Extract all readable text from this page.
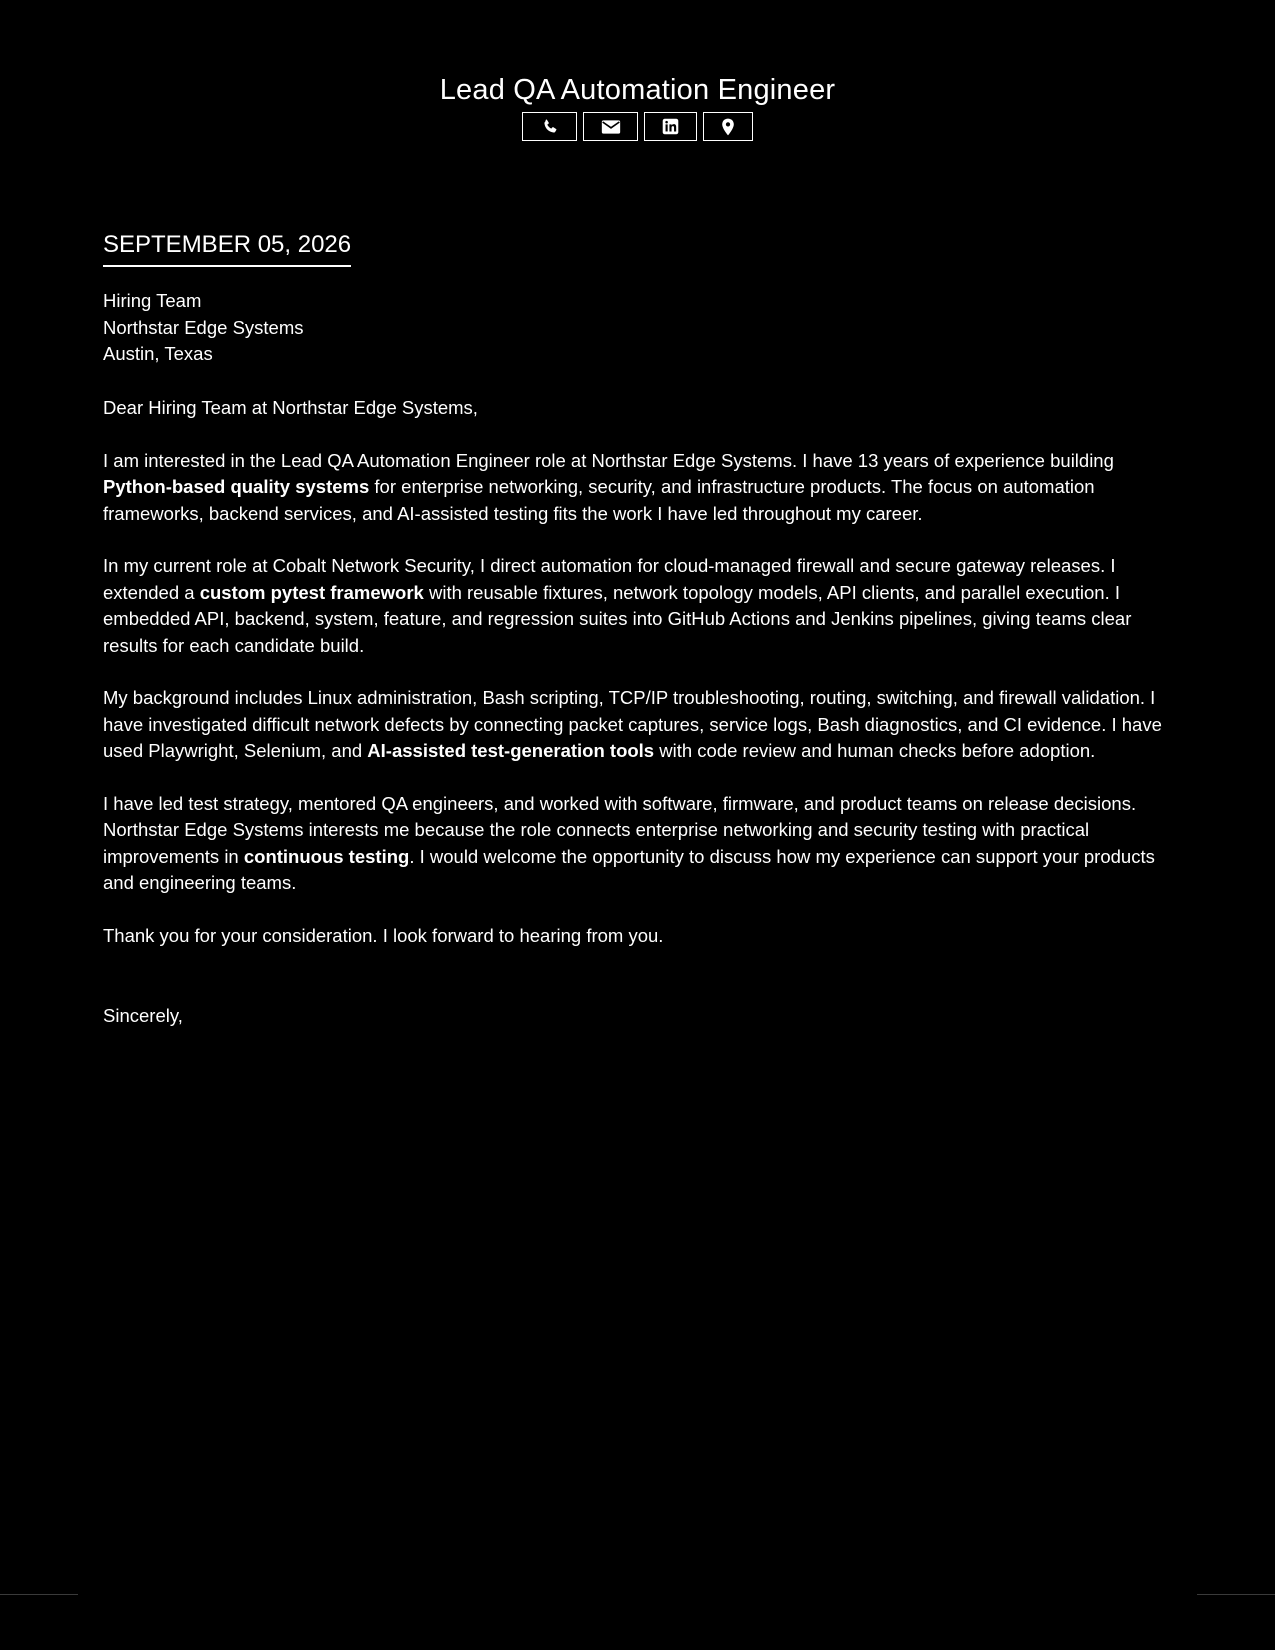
Lead QA Automation Engineer
SEPTEMBER 05, 2026
Hiring Team
Northstar Edge Systems
Austin, Texas

Dear Hiring Team at Northstar Edge Systems,

I am interested in the Lead QA Automation Engineer role at Northstar Edge Systems. I have 13 years of experience building Python-based quality systems for enterprise networking, security, and infrastructure products. The focus on automation frameworks, backend services, and AI-assisted testing fits the work I have led throughout my career.

In my current role at Cobalt Network Security, I direct automation for cloud-managed firewall and secure gateway releases. I extended a custom pytest framework with reusable fixtures, network topology models, API clients, and parallel execution. I embedded API, backend, system, feature, and regression suites into GitHub Actions and Jenkins pipelines, giving teams clear results for each candidate build.

My background includes Linux administration, Bash scripting, TCP/IP troubleshooting, routing, switching, and firewall validation. I have investigated difficult network defects by connecting packet captures, service logs, Bash diagnostics, and CI evidence. I have used Playwright, Selenium, and AI-assisted test-generation tools with code review and human checks before adoption.

I have led test strategy, mentored QA engineers, and worked with software, firmware, and product teams on release decisions. Northstar Edge Systems interests me because the role connects enterprise networking and security testing with practical improvements in continuous testing. I would welcome the opportunity to discuss how my experience can support your products and engineering teams.

Thank you for your consideration. I look forward to hearing from you.

Sincerely,
